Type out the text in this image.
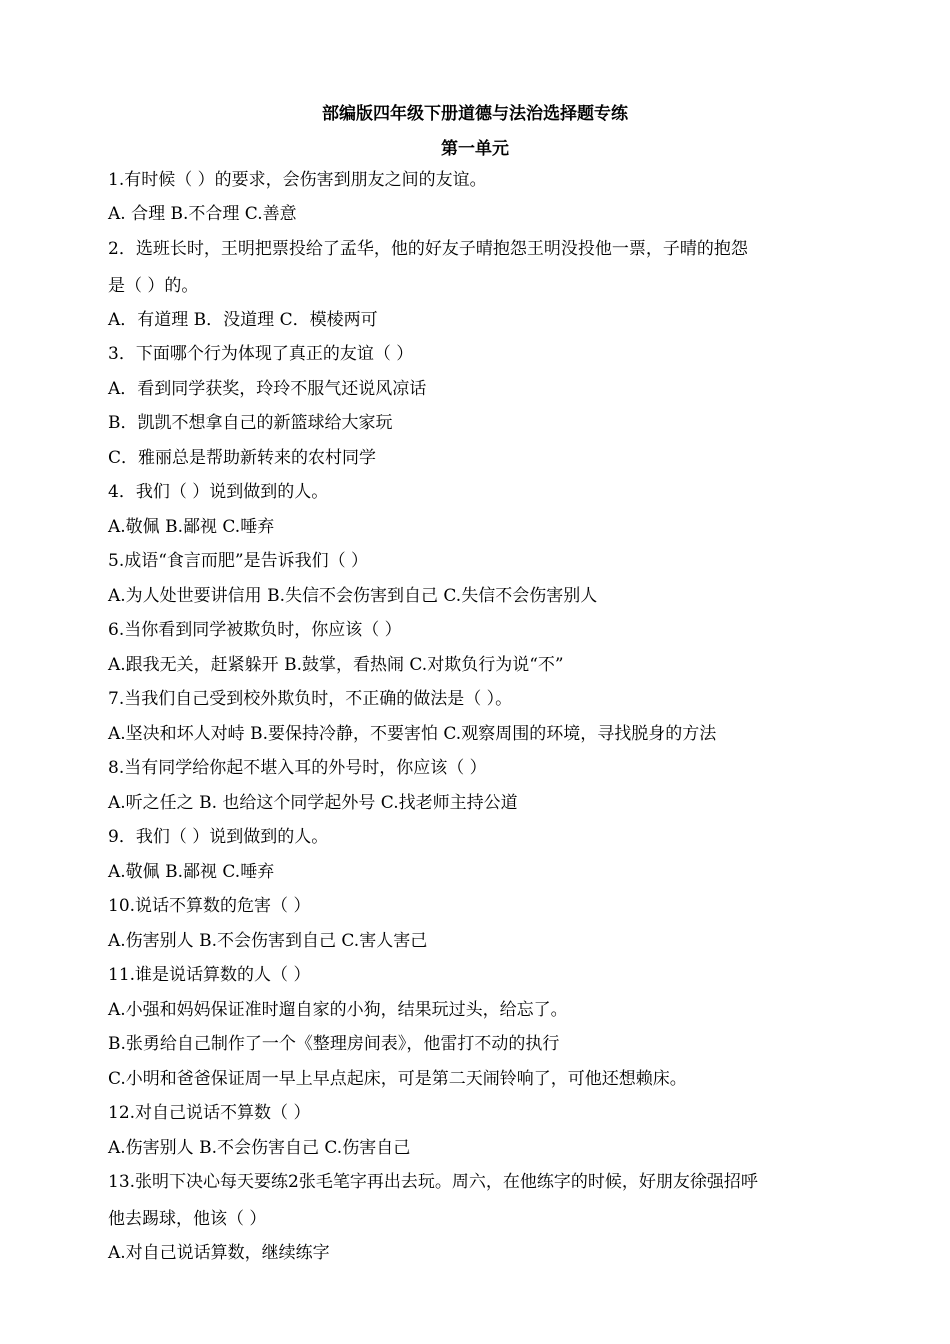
部编版四年级下册道德与法治选择题专练
第一单元
1.有时候（ ）的要求，会伤害到朋友之间的友谊。
A. 合理 B.不合理 C.善意
2．选班长时，王明把票投给了孟华，他的好友子晴抱怨王明没投他一票，子晴的抱怨
是（ ）的。
A．有道理 B．没道理 C．模棱两可
3．下面哪个行为体现了真正的友谊（ ）
A．看到同学获奖，玲玲不服气还说风凉话
B．凯凯不想拿自己的新篮球给大家玩
C．雅丽总是帮助新转来的农村同学
4．我们（ ）说到做到的人。
A.敬佩 B.鄙视 C.唾弃
5.成语“食言而肥”是告诉我们（ ）
A.为人处世要讲信用 B.失信不会伤害到自己 C.失信不会伤害别人
6.当你看到同学被欺负时，你应该（ ）
A.跟我无关，赶紧躲开 B.鼓掌，看热闹 C.对欺负行为说“不”
7.当我们自己受到校外欺负时，不正确的做法是（ ）。
A.坚决和坏人对峙 B.要保持冷静，不要害怕 C.观察周围的环境，寻找脱身的方法
8.当有同学给你起不堪入耳的外号时，你应该（ ）
A.听之任之 B. 也给这个同学起外号 C.找老师主持公道
9．我们（ ）说到做到的人。
A.敬佩 B.鄙视 C.唾弃
10.说话不算数的危害（ ）
A.伤害别人 B.不会伤害到自己 C.害人害己
11.谁是说话算数的人（ ）
A.小强和妈妈保证准时遛自家的小狗，结果玩过头，给忘了。
B.张勇给自己制作了一个《整理房间表》，他雷打不动的执行
C.小明和爸爸保证周一早上早点起床，可是第二天闹铃响了，可他还想赖床。
12.对自己说话不算数（ ）
A.伤害别人 B.不会伤害自己 C.伤害自己
13.张明下决心每天要练2张毛笔字再出去玩。周六，在他练字的时候，好朋友徐强招呼
他去踢球，他该（ ）
A.对自己说话算数，继续练字
